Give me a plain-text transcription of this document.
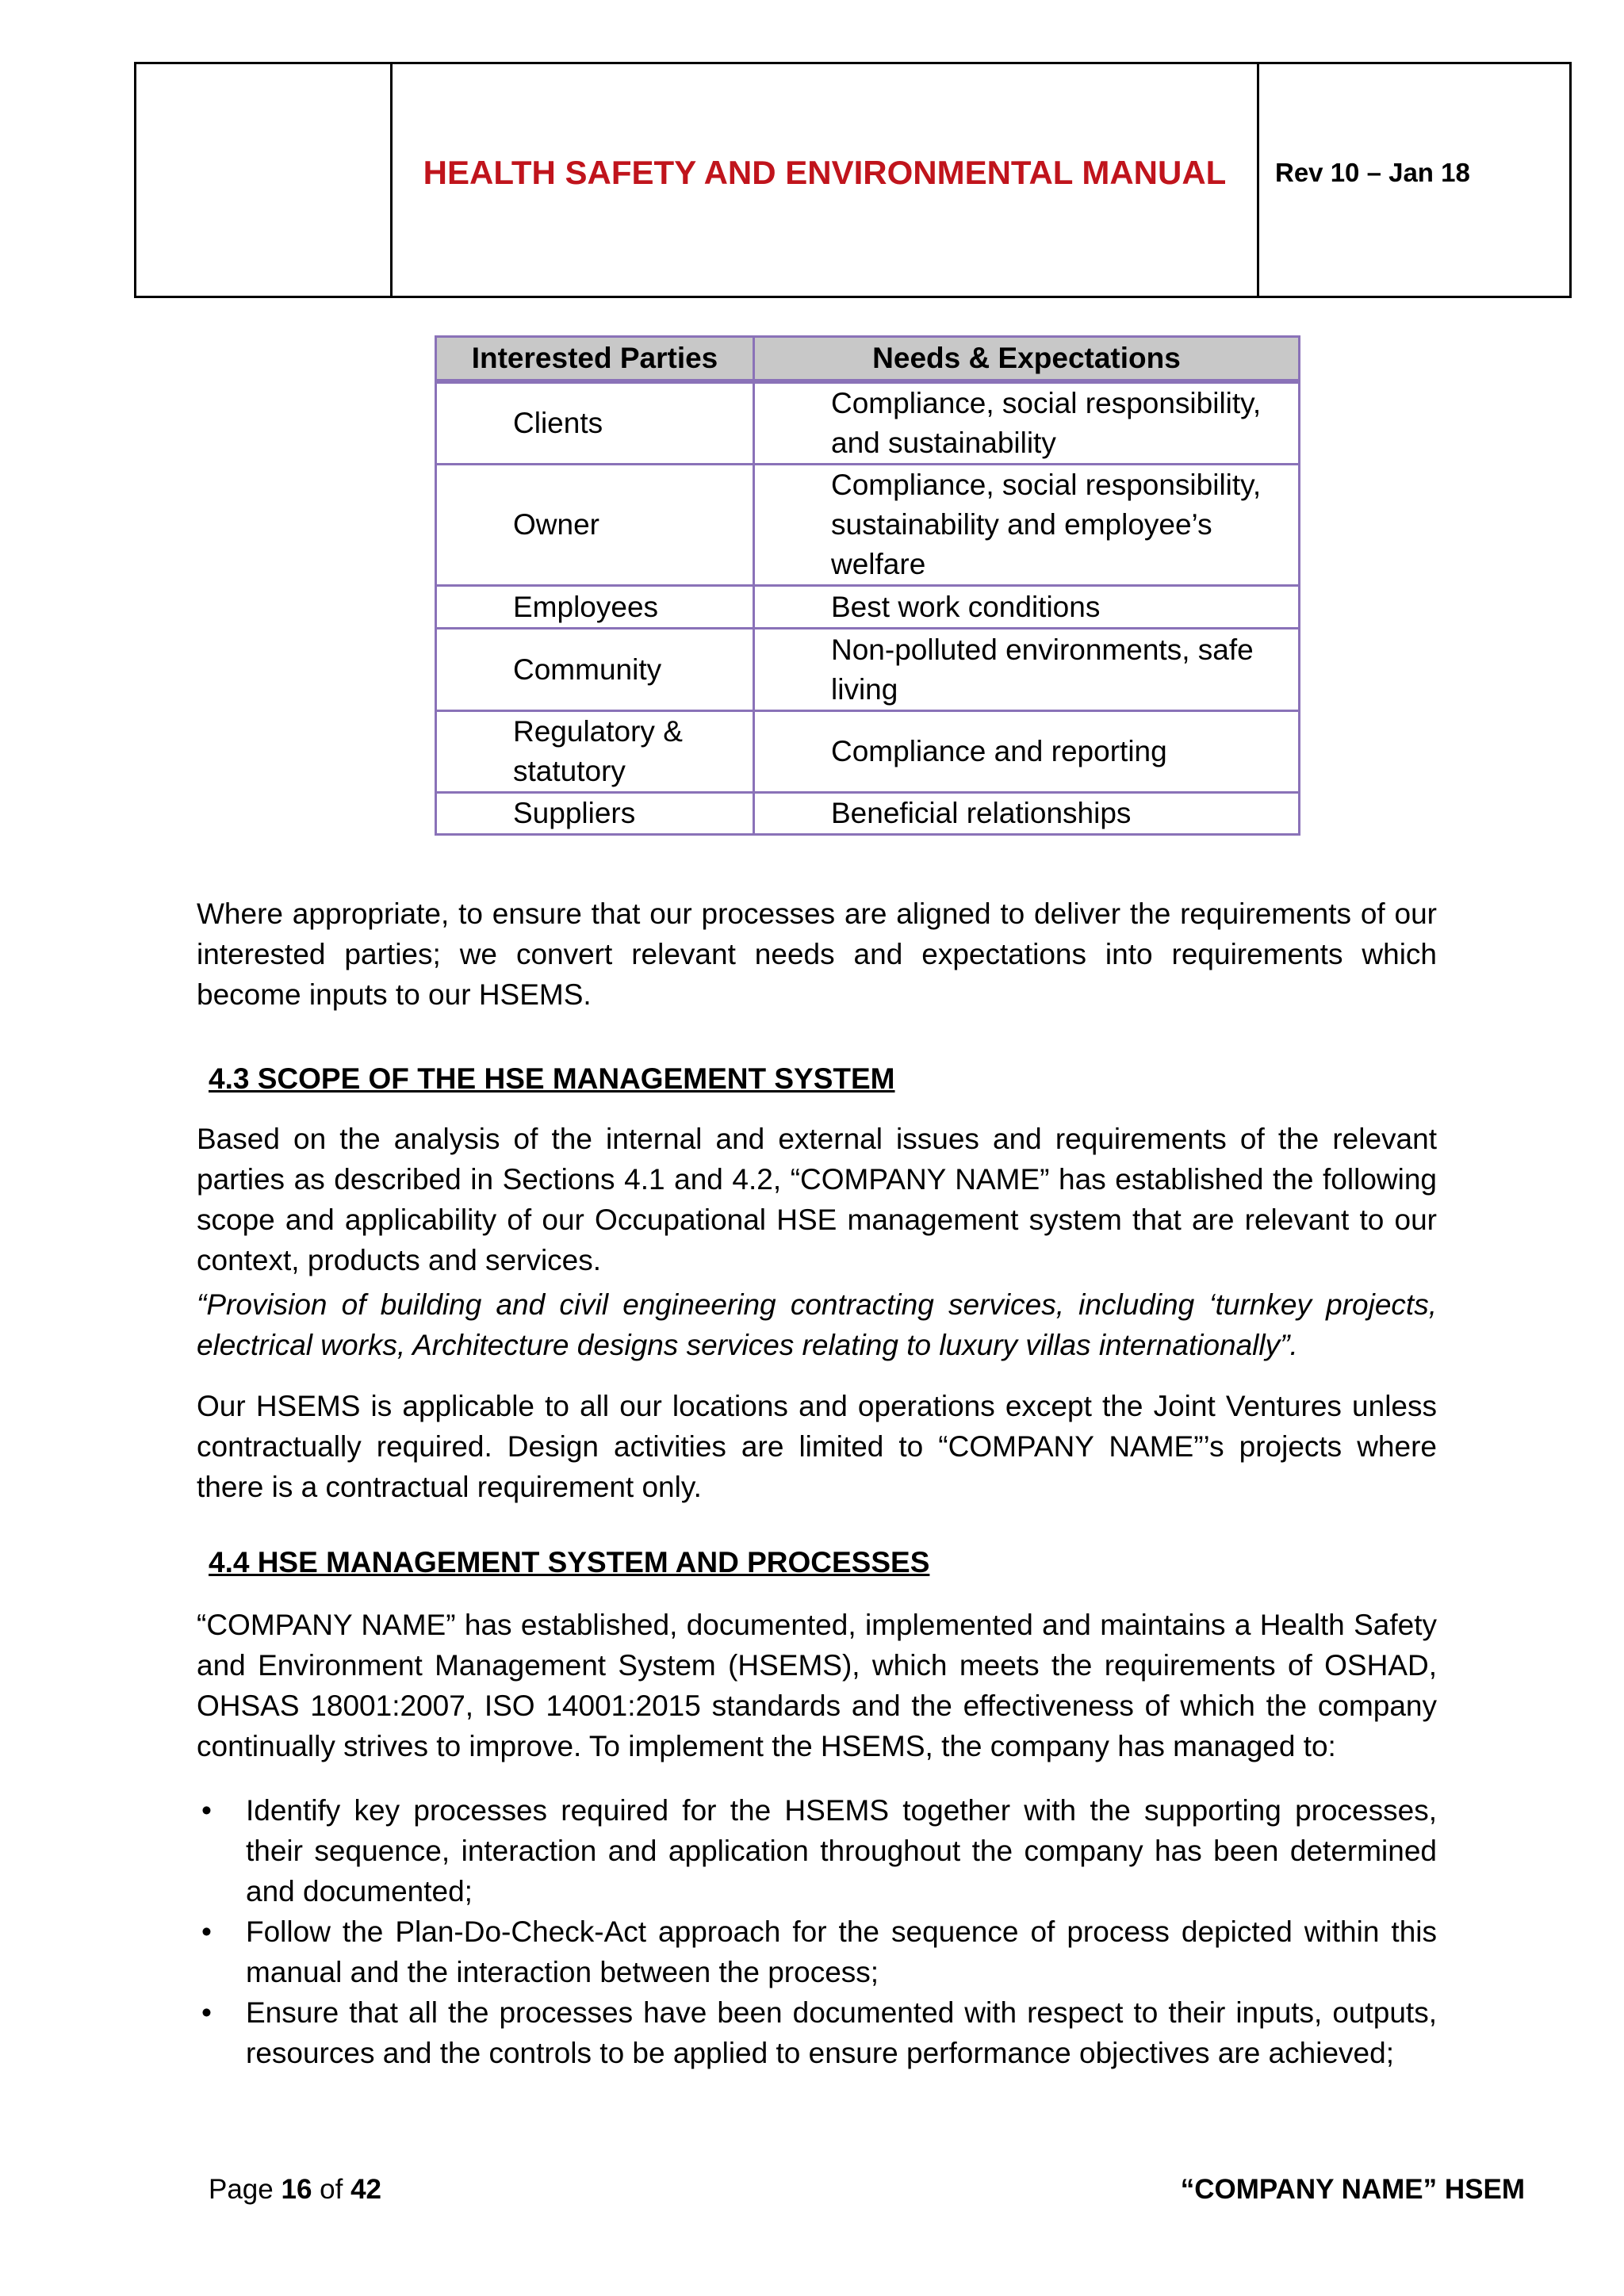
HEALTH SAFETY AND ENVIRONMENTAL MANUAL Rev 10 – Jan 18
Interested Parties	Needs & Expectations
Clients	Compliance, social responsibility, and sustainability
Owner	Compliance, social responsibility, sustainability and employee’s welfare
Employees	Best work conditions
Community	Non-polluted environments, safe living
Regulatory & statutory	Compliance and reporting
Suppliers	Beneficial relationships

Where appropriate, to ensure that our processes are aligned to deliver the requirements of our interested parties; we convert relevant needs and expectations into requirements which become inputs to our HSEMS.

4.3 SCOPE OF THE HSE MANAGEMENT SYSTEM

Based on the analysis of the internal and external issues and requirements of the relevant parties as described in Sections 4.1 and 4.2, “COMPANY NAME” has established the following scope and applicability of our Occupational HSE management system that are relevant to our context, products and services.

“Provision of building and civil engineering contracting services, including ‘turnkey projects, electrical works, Architecture designs services relating to luxury villas internationally”.

Our HSEMS is applicable to all our locations and operations except the Joint Ventures unless contractually required. Design activities are limited to “COMPANY NAME”’s projects where there is a contractual requirement only.

4.4 HSE MANAGEMENT SYSTEM AND PROCESSES

“COMPANY NAME” has established, documented, implemented and maintains a Health Safety and Environment Management System (HSEMS), which meets the requirements of OSHAD, OHSAS 18001:2007, ISO 14001:2015 standards and the effectiveness of which the company continually strives to improve. To implement the HSEMS, the company has managed to:

• Identify key processes required for the HSEMS together with the supporting processes, their sequence, interaction and application throughout the company has been determined and documented;
• Follow the Plan-Do-Check-Act approach for the sequence of process depicted within this manual and the interaction between the process;
• Ensure that all the processes have been documented with respect to their inputs, outputs, resources and the controls to be applied to ensure performance objectives are achieved;
Page 16 of 42	“COMPANY NAME” HSEM
